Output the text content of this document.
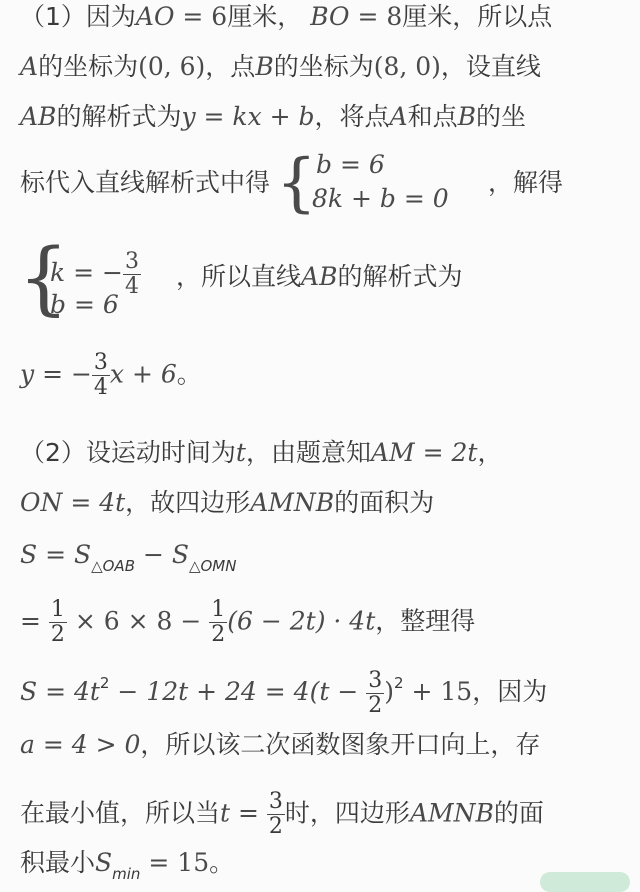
（1）因为AO = 6厘米， BO = 8厘米，所以点
A的坐标为(0, 6)，点B的坐标为(8, 0)，设直线
AB的解析式为y = kx + b，将点A和点B的坐
标代入直线解析式中得 { b = 6
8k + b = 0
，解得
{
k = − $\frac{3}{4}$
b = 6
，所以直线AB的解析式为
y = − $\frac{3}{4}$ x + 6。
（2）设运动时间为t，由题意知AM = 2t，
ON = 4t，故四边形AMNB的面积为
$S = S_{\triangle OAB} - S_{\triangle OMN}$
= $\frac{1}{2} \times 6 \times 8 - \frac{1}{2} (6 - 2t) \cdot 4t$，整理得
$S = 4t^2 - 12t + 24 = 4(t - \frac{3}{2} )^2 + 15$，因为
a = 4 > 0，所以该二次函数图象开口向上，存
在最小值，所以当$t = \frac{3}{2}$ 时，四边形AMNB的面
积最小$S_{min} = 15$。
